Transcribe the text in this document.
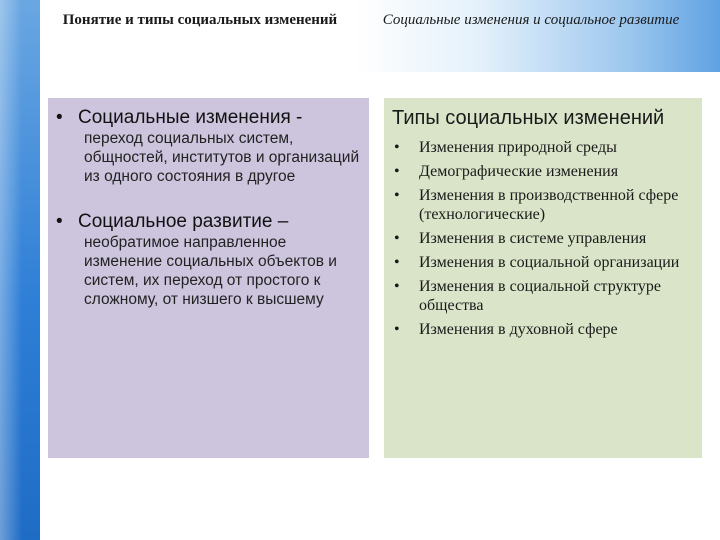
Понятие и типы социальных изменений	Социальные изменения и социальное развитие
• Социальные изменения -
переход социальных систем, общностей, институтов и организаций из одного состояния в другое
• Социальное развитие –
необратимое направленное изменение социальных объектов и систем, их переход от простого к сложному, от низшего к высшему
Типы социальных изменений
•	Изменения природной среды
•	Демографические изменения
•	Изменения в производственной сфере (технологические)
•	Изменения в системе управления
•	Изменения в социальной организации
•	Изменения в социальной структуре общества
•	Изменения в духовной сфере
